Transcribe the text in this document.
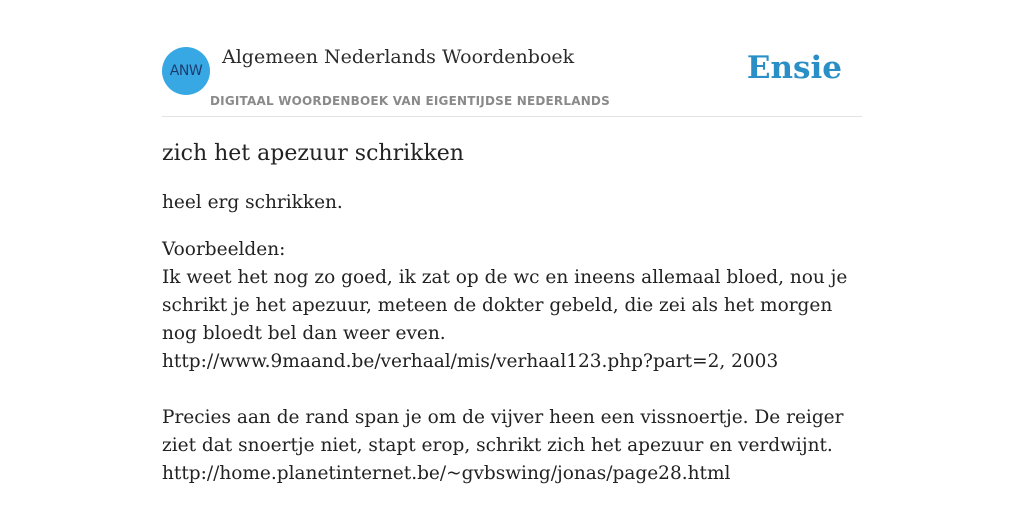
ANW
Algemeen Nederlands Woordenboek
DIGITAAL WOORDENBOEK VAN EIGENTIJDSE NEDERLANDS
Ensie
zich het apezuur schrikken

heel erg schrikken.

Voorbeelden:

Ik weet het nog zo goed, ik zat op de wc en ineens allemaal bloed, nou je schrikt je het apezuur, meteen de dokter gebeld, die zei als het morgen nog bloedt bel dan weer even.

http://www.9maand.be/verhaal/mis/verhaal123.php?part=2, 2003

Precies aan de rand span je om de vijver heen een vissnoertje. De reiger ziet dat snoertje niet, stapt erop, schrikt zich het apezuur en verdwijnt.

http://home.planetinternet.be/~gvbswing/jonas/page28.html
